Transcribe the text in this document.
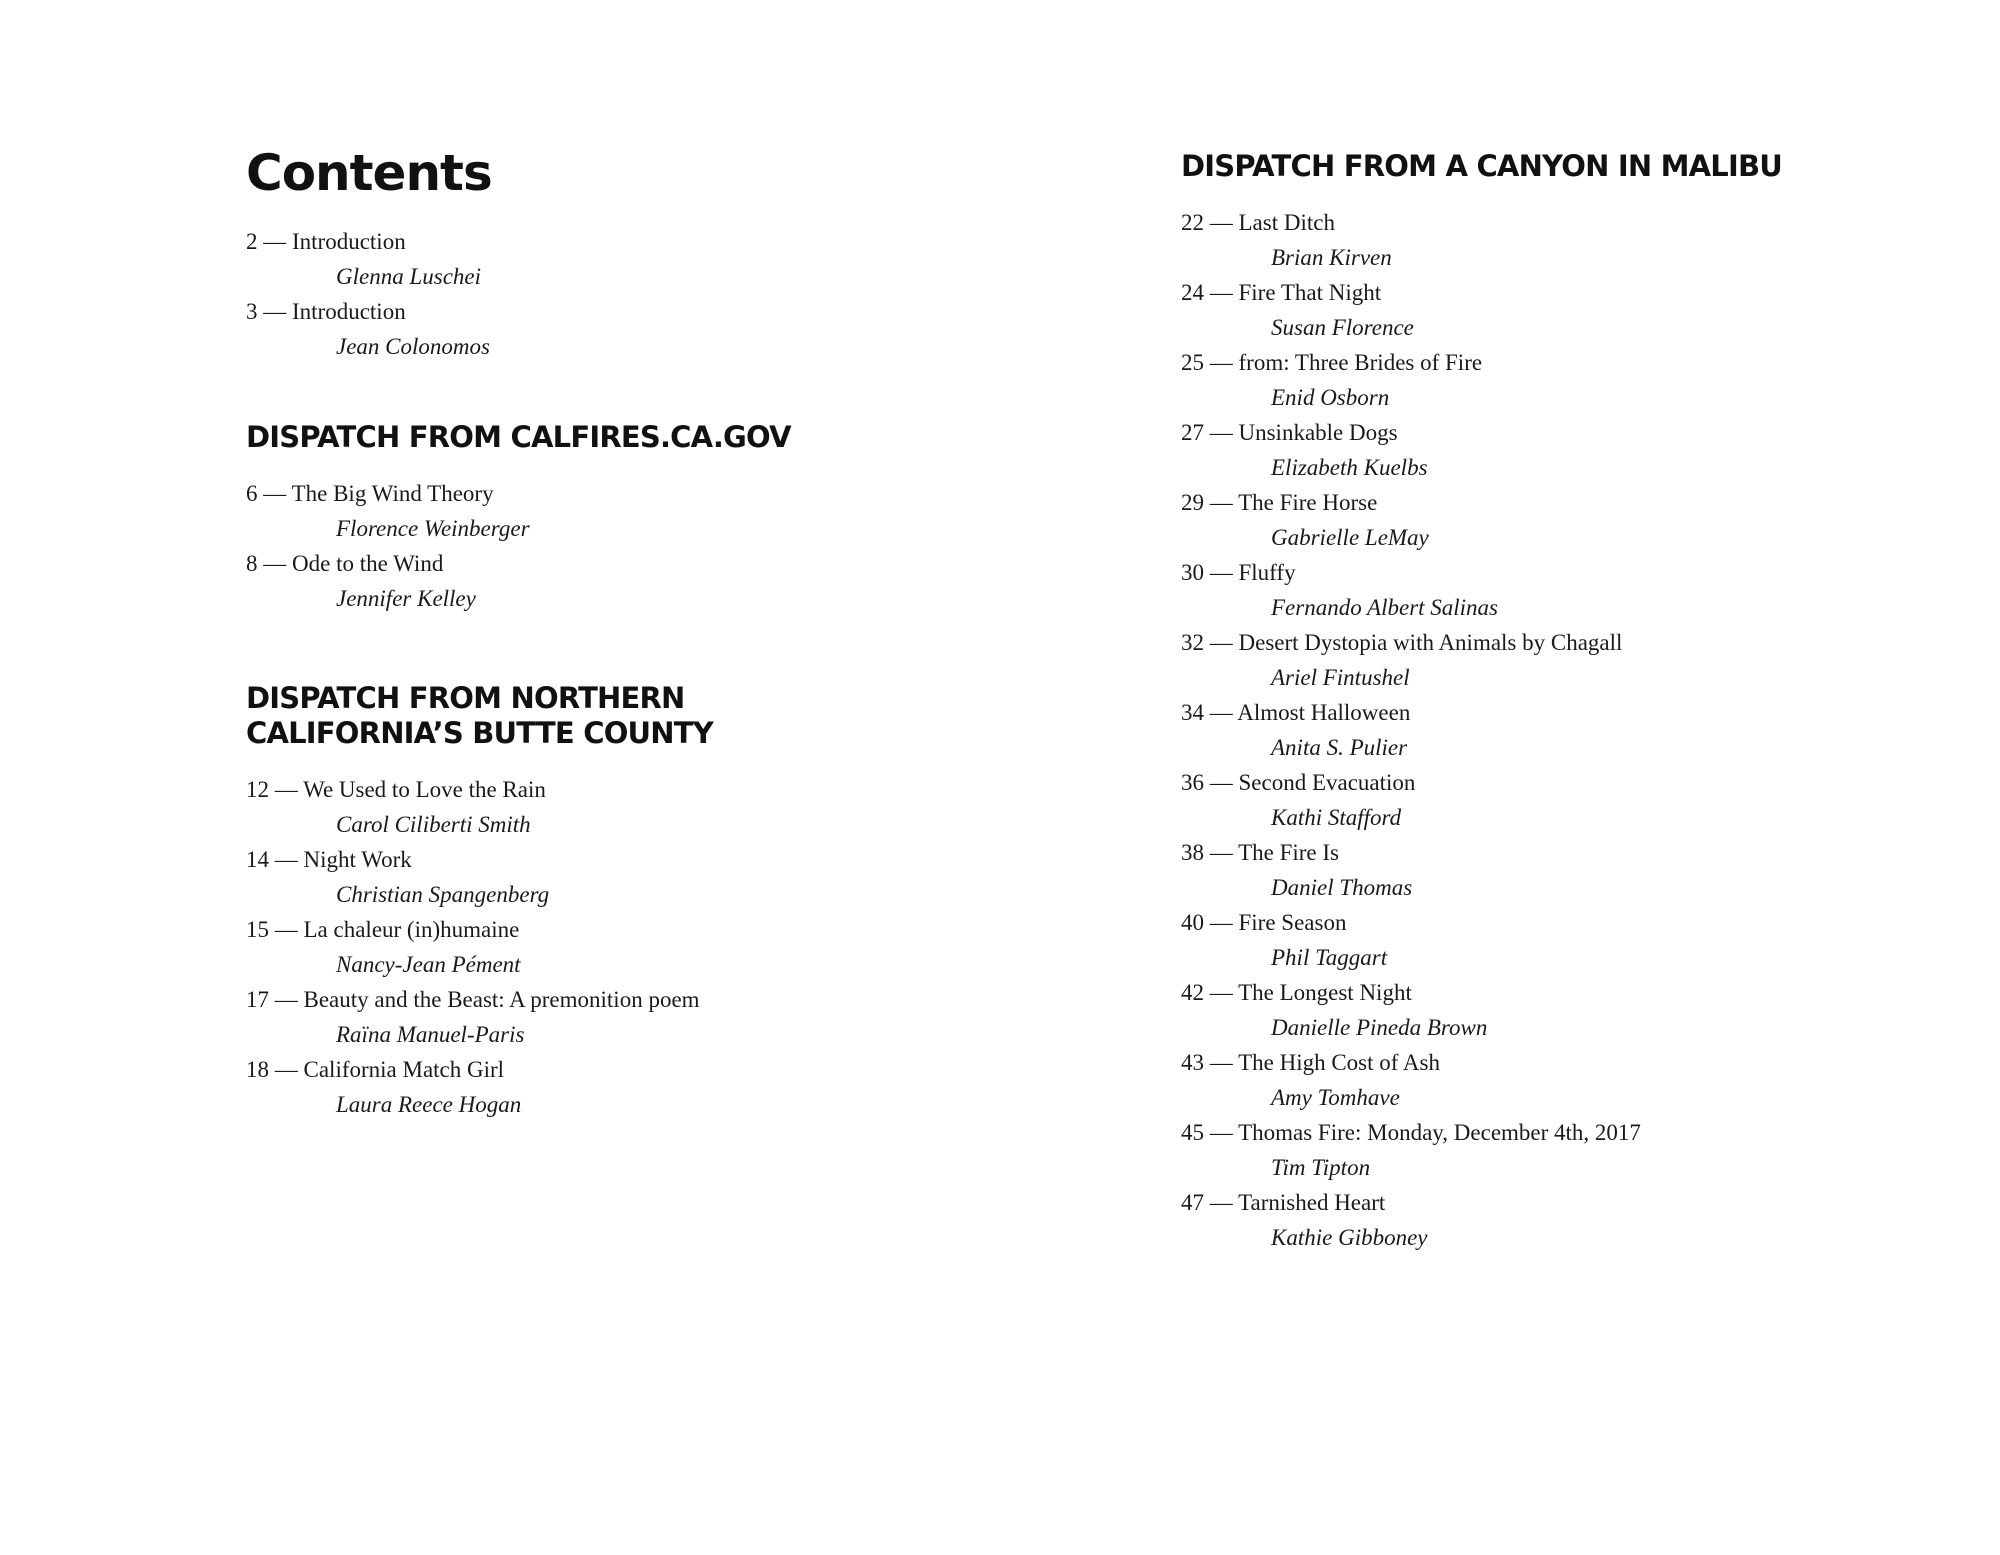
Contents
2 — Introduction
Glenna Luschei
3 — Introduction
Jean Colonomos
DISPATCH FROM CALFIRES.CA.GOV
6 — The Big Wind Theory
Florence Weinberger
8 — Ode to the Wind
Jennifer Kelley
DISPATCH FROM NORTHERN
CALIFORNIA’S BUTTE COUNTY
12 — We Used to Love the Rain
Carol Ciliberti Smith
14 — Night Work
Christian Spangenberg
15 — La chaleur (in)humaine
Nancy-Jean Pément
17 — Beauty and the Beast: A premonition poem
Raïna Manuel-Paris
18 — California Match Girl
Laura Reece Hogan
DISPATCH FROM A CANYON IN MALIBU
22 — Last Ditch
Brian Kirven
24 — Fire That Night
Susan Florence
25 — from: Three Brides of Fire
Enid Osborn
27 — Unsinkable Dogs
Elizabeth Kuelbs
29 — The Fire Horse
Gabrielle LeMay
30 — Fluffy
Fernando Albert Salinas
32 — Desert Dystopia with Animals by Chagall
Ariel Fintushel
34 — Almost Halloween
Anita S. Pulier
36 — Second Evacuation
Kathi Stafford
38 — The Fire Is
Daniel Thomas
40 — Fire Season
Phil Taggart
42 — The Longest Night
Danielle Pineda Brown
43 — The High Cost of Ash
Amy Tomhave
45 — Thomas Fire: Monday, December 4th, 2017
Tim Tipton
47 — Tarnished Heart
Kathie Gibboney
